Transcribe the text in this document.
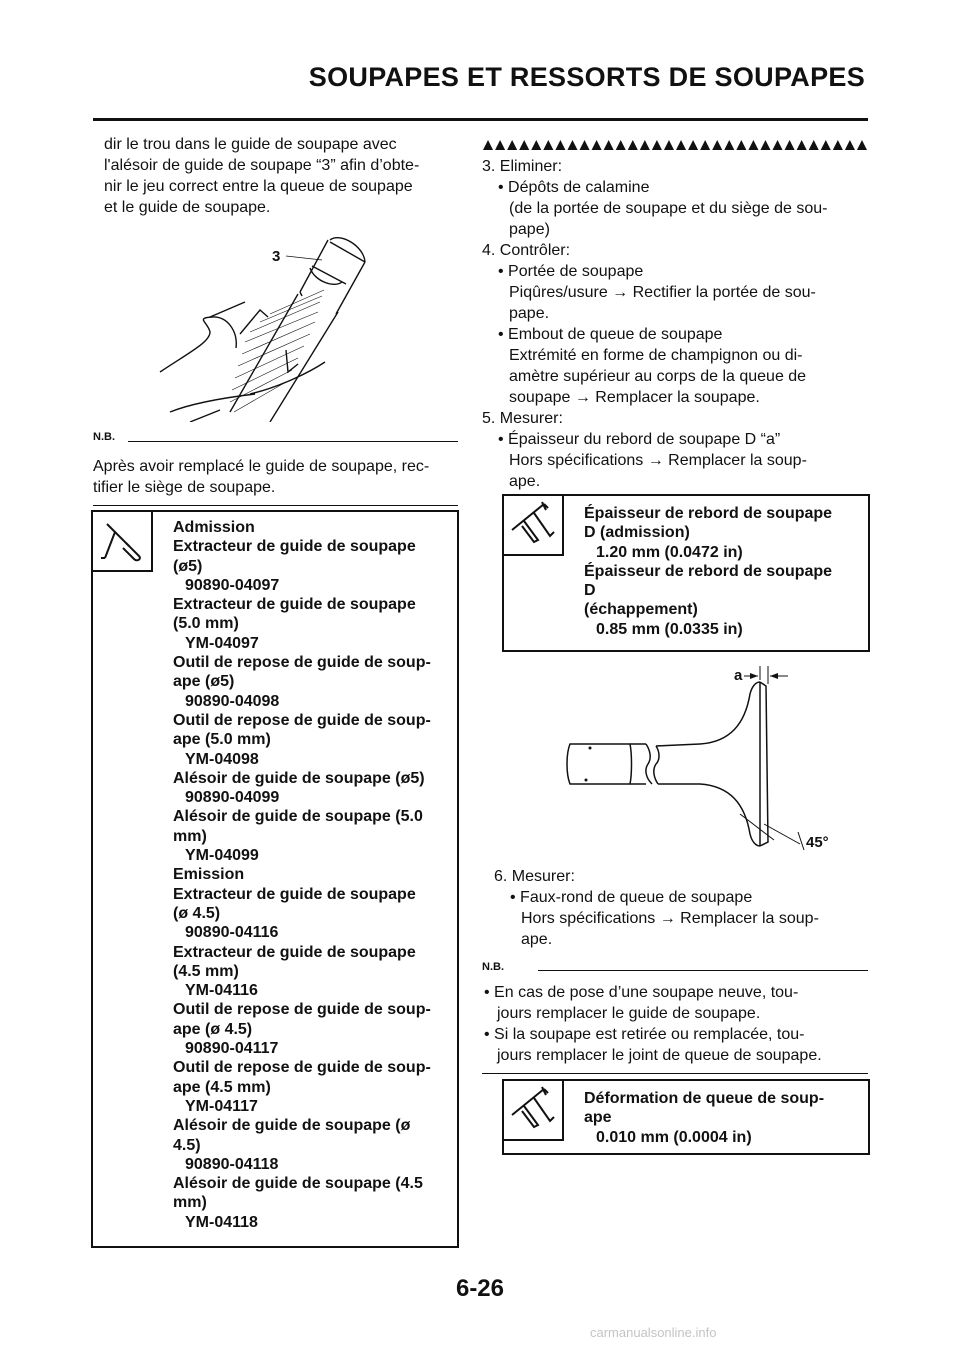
SOUPAPES ET RESSORTS DE SOUPAPES
dir le trou dans le guide de soupape avec
l'alésoir de guide de soupape “3” afin d’obte-
nir le jeu correct entre la queue de soupape
et le guide de soupape.
3
N.B.
Après avoir remplacé le guide de soupape, rec-
tifier le siège de soupape.
Admission
Extracteur de guide de soupape
(ø5)
90890-04097
Extracteur de guide de soupape
(5.0 mm)
YM-04097
Outil de repose de guide de soup-
ape (ø5)
90890-04098
Outil de repose de guide de soup-
ape (5.0 mm)
YM-04098
Alésoir de guide de soupape (ø5)
90890-04099
Alésoir de guide de soupape (5.0
mm)
YM-04099
Emission
Extracteur de guide de soupape
(ø 4.5)
90890-04116
Extracteur de guide de soupape
(4.5 mm)
YM-04116
Outil de repose de guide de soup-
ape (ø 4.5)
90890-04117
Outil de repose de guide de soup-
ape (4.5 mm)
YM-04117
Alésoir de guide de soupape (ø
4.5)
90890-04118
Alésoir de guide de soupape (4.5
mm)
YM-04118
3. Eliminer:
• Dépôts de calamine
(de la portée de soupape et du siège de sou-
pape)
4. Contrôler:
• Portée de soupape
Piqûres/usure → Rectifier la portée de sou-
pape.
• Embout de queue de soupape
Extrémité en forme de champignon ou di-
amètre supérieur au corps de la queue de
soupape → Remplacer la soupape.
5. Mesurer:
• Épaisseur du rebord de soupape D “a”
Hors spécifications → Remplacer la soup-
ape.
Épaisseur de rebord de soupape
D (admission)
1.20 mm (0.0472 in)
Épaisseur de rebord de soupape
D
(échappement)
0.85 mm (0.0335 in)
a
45°
6. Mesurer:
• Faux-rond de queue de soupape
Hors spécifications → Remplacer la soup-
ape.
N.B.
• En cas de pose d’une soupape neuve, tou-
jours remplacer le guide de soupape.
• Si la soupape est retirée ou remplacée, tou-
jours remplacer le joint de queue de soupape.
Déformation de queue de soup-
ape
0.010 mm (0.0004 in)
6-26
carmanualsonline.info
